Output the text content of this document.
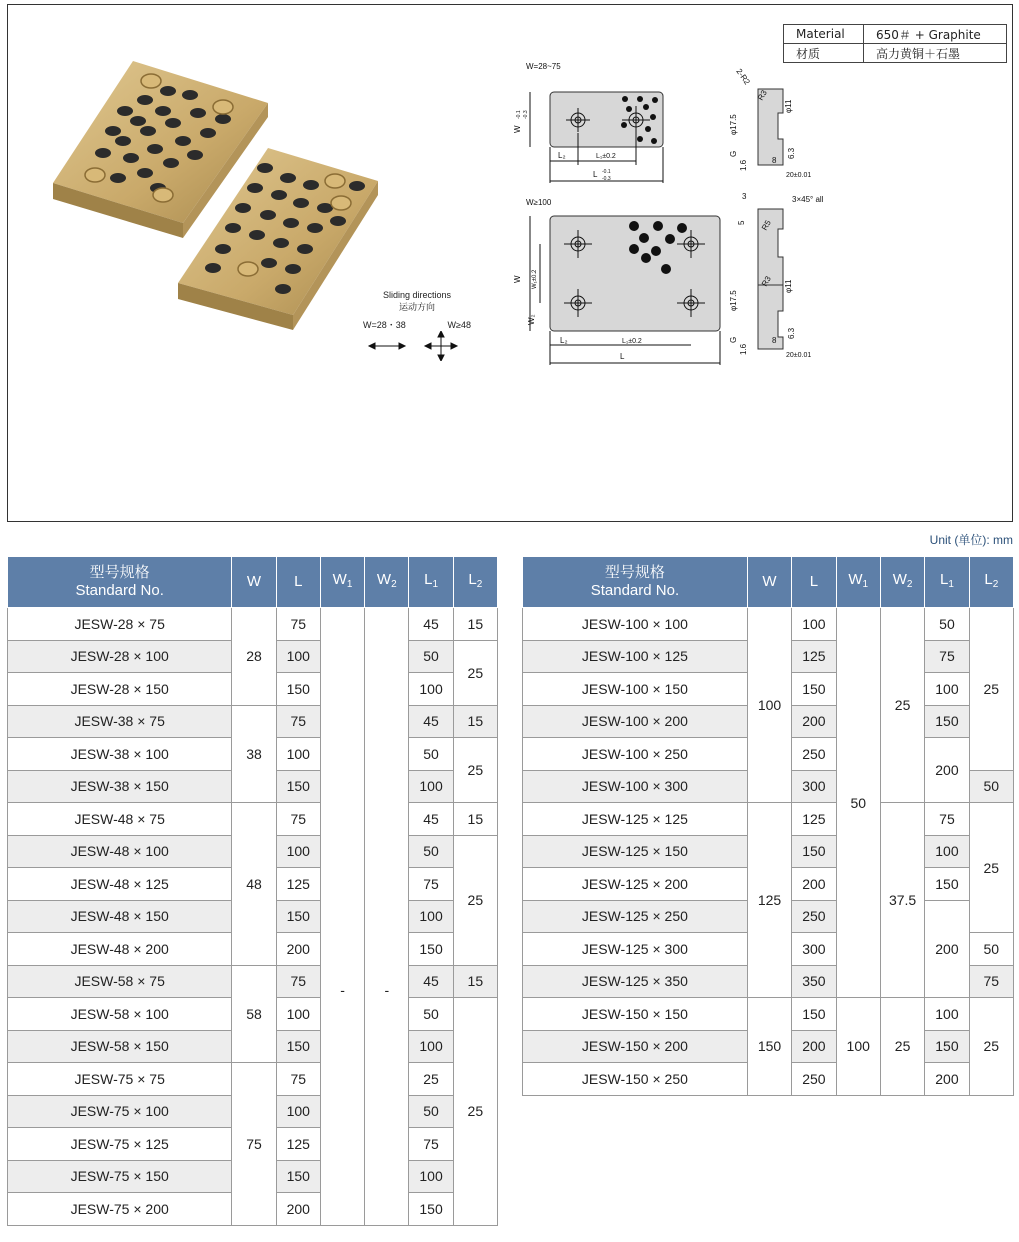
Material	650＃ + Graphite
材质	高力黄铜＋石墨
Sliding directions
运动方向
W=28・38	W≥48
W=28~75
W
-0.1 -0.3
L₂	L₁±0.2
L -0.1
-0.3
2-R2
R3
φ11
φ17.5
G
1.6	8
6.3
20±0.01
W≥100
W W₁±0.2
W₂
L₂	L₁±0.2
L
3	3×45° all
5 R5
R3 φ11
φ17.5
G
1.6
8
6.3
20±0.01
Unit (单位): mm
型号规格
Standard No.	W	L	$W_1$	$W_2$	$L_1$	$L_2$
JESW-28 × 75	28	75	-	-	45	15
JESW-28 × 100		100			50	25
JESW-28 × 150		150			100	
JESW-38 × 75	38	75			45	15
JESW-38 × 100		100			50	25
JESW-38 × 150		150			100	
JESW-48 × 75	48	75			45	15
JESW-48 × 100		100			50	25
JESW-48 × 125		125			75	
JESW-48 × 150		150			100	
JESW-48 × 200		200			150	
JESW-58 × 75	58	75			45	15
JESW-58 × 100		100			50	25
JESW-58 × 150		150			100	
JESW-75 × 75	75	75			25	
JESW-75 × 100		100			50	
JESW-75 × 125		125			75	
JESW-75 × 150		150			100	
JESW-75 × 200		200			150	
型号规格
Standard No.	W	L	$W_1$	$W_2$	$L_1$	$L_2$
JESW-100 × 100	100	100	50	25	50	25
JESW-100 × 125		125			75	
JESW-100 × 150		150			100	
JESW-100 × 200		200			150	
JESW-100 × 250		250			200	
JESW-100 × 300		300				50
JESW-125 × 125	125	125		37.5	75	25
JESW-125 × 150		150			100	
JESW-125 × 200		200			150	
JESW-125 × 250		250			200	
JESW-125 × 300		300				50
JESW-125 × 350		350				75
JESW-150 × 150	150	150	100	25	100	25
JESW-150 × 200		200			150	
JESW-150 × 250		250			200	
